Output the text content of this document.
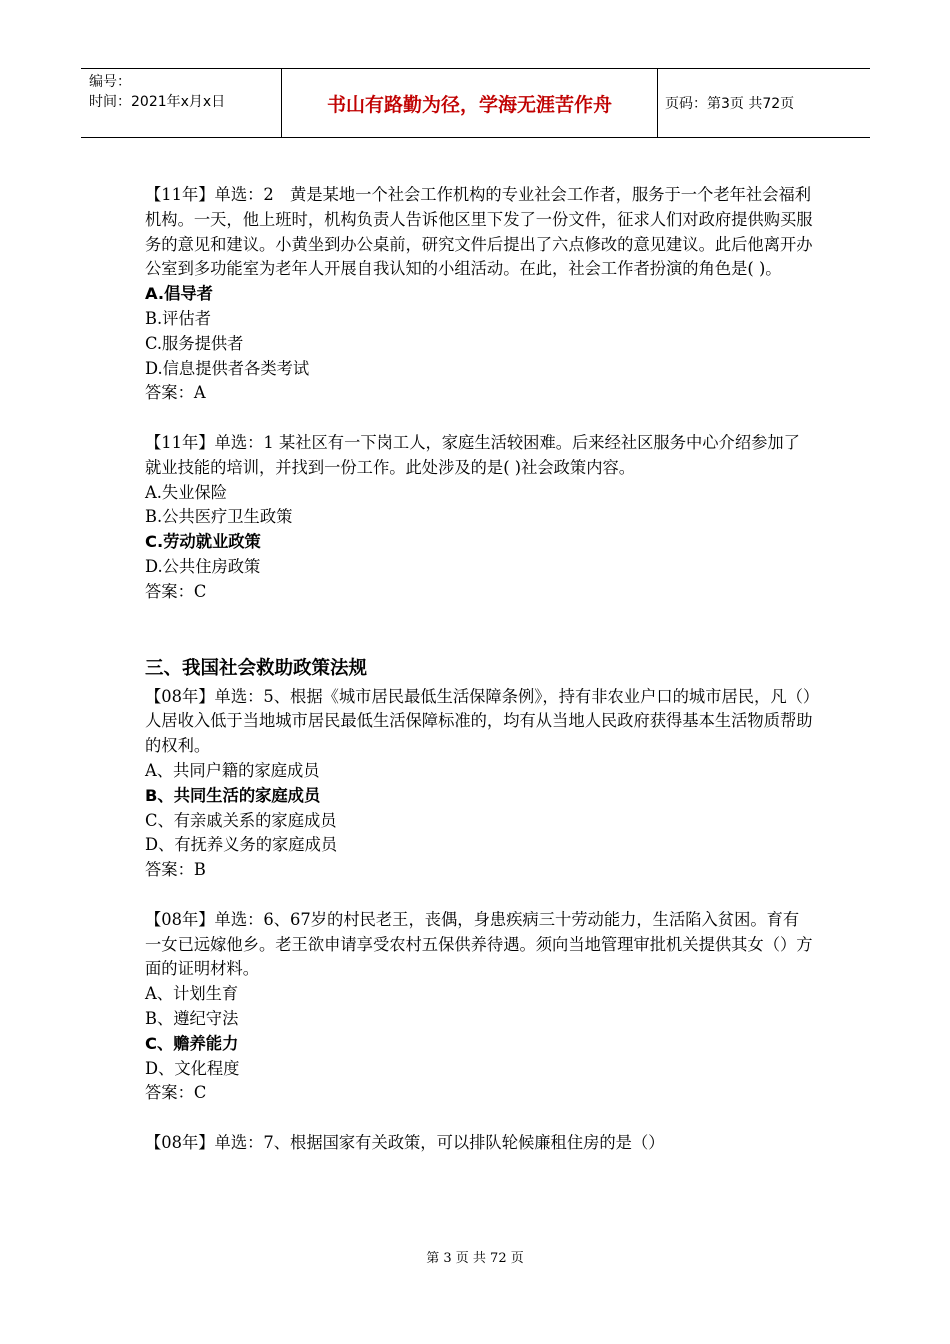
编号：
时间：2021年x月x日	书山有路勤为径，学海无涯苦作舟	页码：第3页 共72页

【11年】单选：2　黄是某地一个社会工作机构的专业社会工作者，服务于一个老年社会福利机构。一天，他上班时，机构负责人告诉他区里下发了一份文件，征求人们对政府提供购买服务的意见和建议。小黄坐到办公桌前，研究文件后提出了六点修改的意见建议。此后他离开办公室到多功能室为老年人开展自我认知的小组活动。在此，社会工作者扮演的角色是( )。

A.倡导者

B.评估者

C.服务提供者

D.信息提供者各类考试

答案：A

【11年】单选：1 某社区有一下岗工人，家庭生活较困难。后来经社区服务中心介绍参加了就业技能的培训，并找到一份工作。此处涉及的是( )社会政策内容。

A.失业保险

B.公共医疗卫生政策

C.劳动就业政策

D.公共住房政策

答案：C

三、我国社会救助政策法规

【08年】单选：5、根据《城市居民最低生活保障条例》，持有非农业户口的城市居民，凡（）人居收入低于当地城市居民最低生活保障标准的，均有从当地人民政府获得基本生活物质帮助的权利。

A、共同户籍的家庭成员

B、共同生活的家庭成员

C、有亲戚关系的家庭成员

D、有抚养义务的家庭成员

答案：B

【08年】单选：6、67岁的村民老王，丧偶，身患疾病三十劳动能力，生活陷入贫困。育有一女已远嫁他乡。老王欲申请享受农村五保供养待遇。须向当地管理审批机关提供其女（）方面的证明材料。

A、计划生育

B、遵纪守法

C、赡养能力

D、文化程度

答案：C

【08年】单选：7、根据国家有关政策，可以排队轮候廉租住房的是（）

第 3 页 共 72 页
